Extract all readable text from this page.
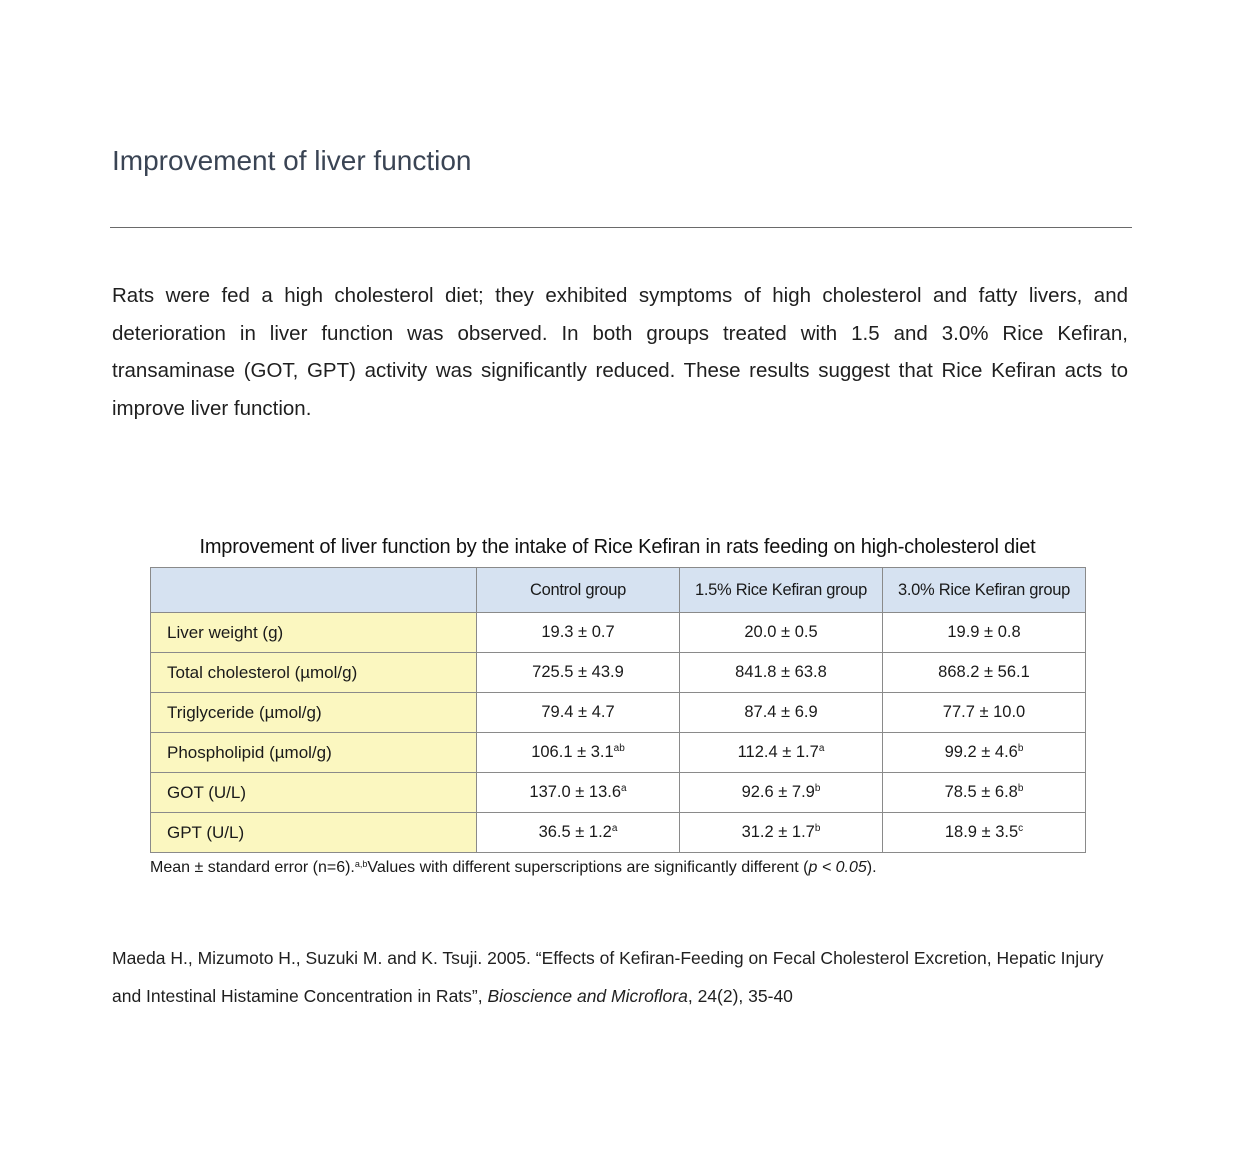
Improvement of liver function

Rats were fed a high cholesterol diet; they exhibited symptoms of high cholesterol and fatty livers, and deterioration in liver function was observed. In both groups treated with 1.5 and 3.0% Rice Kefiran, transaminase (GOT, GPT) activity was significantly reduced. These results suggest that Rice Kefiran acts to improve liver function.

Improvement of liver function by the intake of Rice Kefiran in rats feeding on high-cholesterol diet
	Control group	1.5% Rice Kefiran group	3.0% Rice Kefiran group
Liver weight (g)	19.3 ± 0.7	20.0 ± 0.5	19.9 ± 0.8
Total cholesterol (µmol/g)	725.5 ± 43.9	841.8 ± 63.8	868.2 ± 56.1
Triglyceride (µmol/g)	79.4 ± 4.7	87.4 ± 6.9	77.7 ± 10.0
Phospholipid (µmol/g)	106.1 ± 3.1$^{ab}$	112.4 ± 1.7$^a$	99.2 ± 4.6$^b$
GOT (U/L)	137.0 ± 13.6$^a$	92.6 ± 7.9$^b$	78.5 ± 6.8$^b$
GPT (U/L)	36.5 ± 1.2$^a$	31.2 ± 1.7$^b$	18.9 ± 3.5$^c$
Mean ± standard error (n=6).$^{a,b}$Values with different superscriptions are significantly different (p < 0.05).

Maeda H., Mizumoto H., Suzuki M. and K. Tsuji. 2005. “Effects of Kefiran-Feeding on Fecal Cholesterol Excretion, Hepatic Injury and Intestinal Histamine Concentration in Rats”, Bioscience and Microflora, 24(2), 35-40
